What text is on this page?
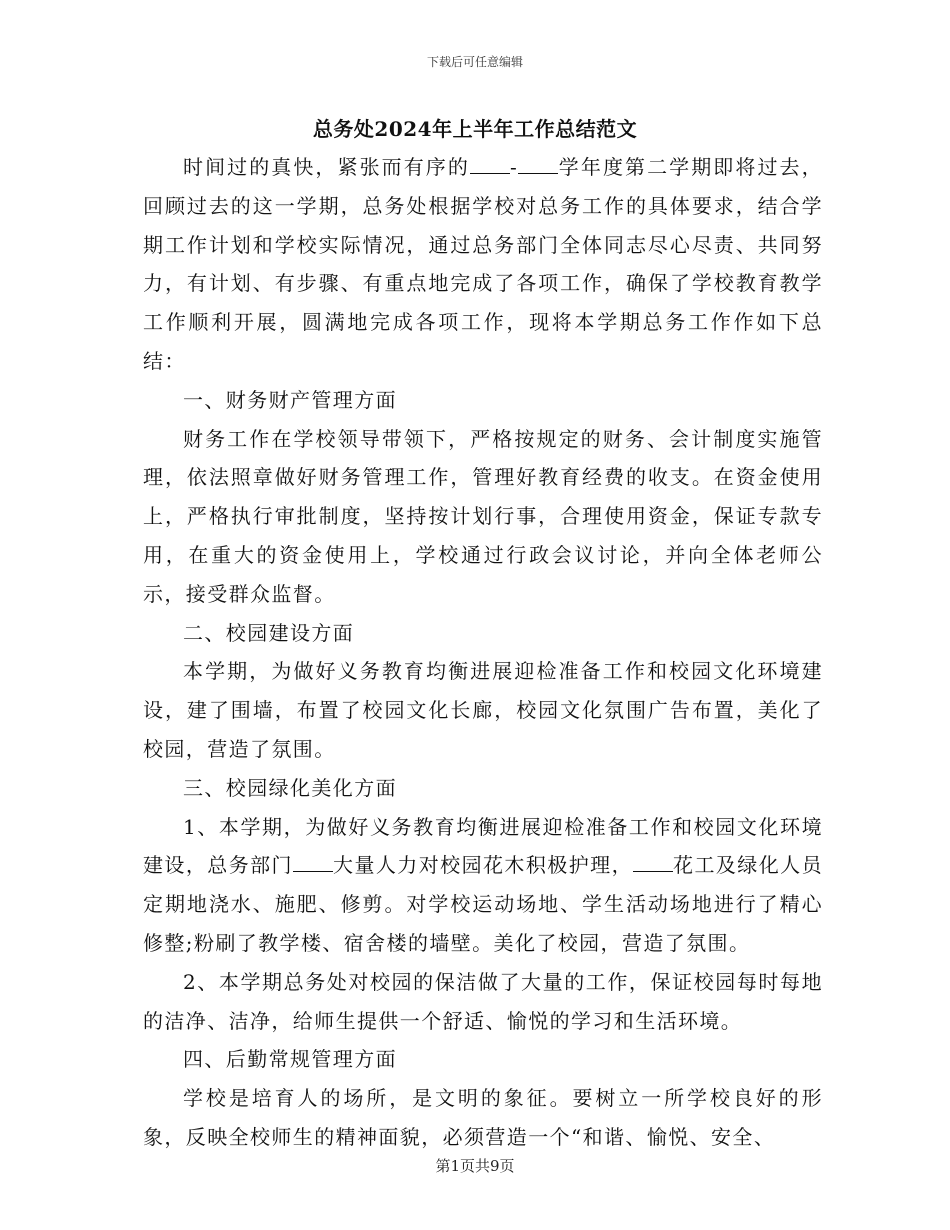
下载后可任意编辑
总务处2024年上半年工作总结范文

时间过的真快，紧张而有序的 - 学年度第二学期即将过去，回顾过去的这一学期，总务处根据学校对总务工作的具体要求，结合学期工作计划和学校实际情况，通过总务部门全体同志尽心尽责、共同努力，有计划、有步骤、有重点地完成了各项工作，确保了学校教育教学工作顺利开展，圆满地完成各项工作，现将本学期总务工作作如下总结：

一、财务财产管理方面

财务工作在学校领导带领下，严格按规定的财务、会计制度实施管理，依法照章做好财务管理工作，管理好教育经费的收支。在资金使用上，严格执行审批制度，坚持按计划行事，合理使用资金，保证专款专用，在重大的资金使用上，学校通过行政会议讨论，并向全体老师公示，接受群众监督。

二、校园建设方面

本学期，为做好义务教育均衡进展迎检准备工作和校园文化环境建设，建了围墙，布置了校园文化长廊，校园文化氛围广告布置，美化了校园，营造了氛围。

三、校园绿化美化方面

1、本学期，为做好义务教育均衡进展迎检准备工作和校园文化环境建设，总务部门 大量人力对校园花木积极护理， 花工及绿化人员定期地浇水、施肥、修剪。对学校运动场地、学生活动场地进行了精心修整;粉刷了教学楼、宿舍楼的墙壁。美化了校园，营造了氛围。

2、本学期总务处对校园的保洁做了大量的工作，保证校园每时每地的洁净、洁净，给师生提供一个舒适、愉悦的学习和生活环境。

四、后勤常规管理方面

学校是培育人的场所，是文明的象征。要树立一所学校良好的形象，反映全校师生的精神面貌，必须营造一个“和谐、愉悦、安全、

第1页共9页
